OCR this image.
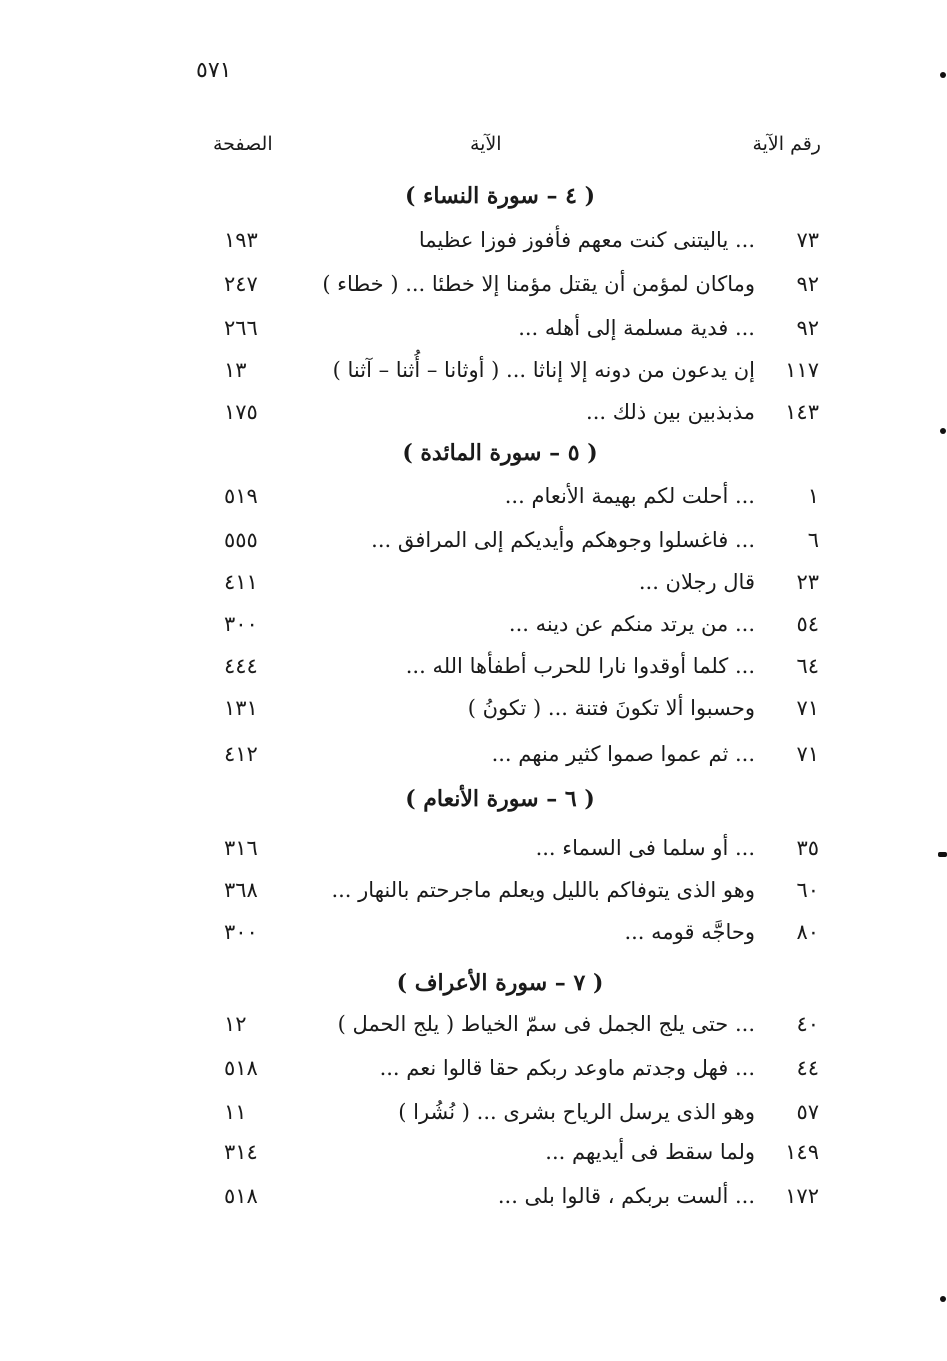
٥٧١
رقم الآية
الآية
الصفحة
( ٤ – سورة النساء )
٧٣
... ياليتنى كنت معهم فأفوز فوزا عظيما
١٩٣
٩٢
وماكان لمؤمن أن يقتل مؤمنا إلا خطئا ... ( خطاء )
٢٤٧
٩٢
... فدية مسلمة إلى أهله ...
٢٦٦
١١٧
إن يدعون من دونه إلا إناثا ... ( أوثانا – أُثنا – آثنا )
١٣
١٤٣
مذبذبين بين ذلك ...
١٧٥
( ٥ – سورة المائدة )
١
... أحلت لكم بهيمة الأنعام ...
٥١٩
٦
... فاغسلوا وجوهكم وأيديكم إلى المرافق ...
٥٥٥
٢٣
قال رجلان ...
٤١١
٥٤
... من يرتد منكم عن دينه ...
٣٠٠
٦٤
... كلما أوقدوا نارا للحرب أطفأها الله ...
٤٤٤
٧١
وحسبوا ألا تكونَ فتنة ... ( تكونُ )
١٣١
٧١
... ثم عموا صموا كثير منهم ...
٤١٢
( ٦ – سورة الأنعام )
٣٥
... أو سلما فى السماء ...
٣١٦
٦٠
وهو الذى يتوفاكم بالليل ويعلم ماجرحتم بالنهار ...
٣٦٨
٨٠
وحاجَّه قومه ...
٣٠٠
( ٧ – سورة الأعراف )
٤٠
... حتى يلج الجمل فى سمّ الخياط ( يلج الحمل )
١٢
٤٤
... فهل وجدتم ماوعد ربكم حقا قالوا نعم ...
٥١٨
٥٧
وهو الذى يرسل الرياح بشرى ... ( نُشُرا )
١١
١٤٩
ولما سقط فى أيديهم ...
٣١٤
١٧٢
... ألست بربكم ، قالوا بلى ...
٥١٨
